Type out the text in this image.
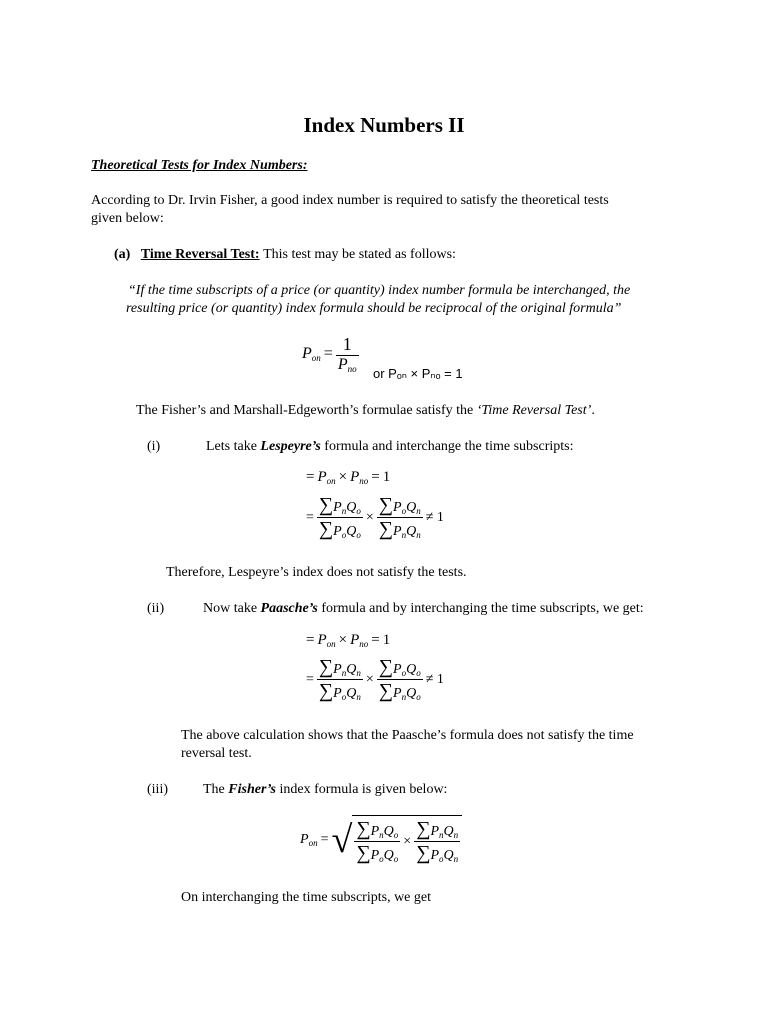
Index Numbers II
Theoretical Tests for Index Numbers:
According to Dr. Irvin Fisher, a good index number is required to satisfy the theoretical tests
given below:
(a) Time Reversal Test: This test may be stated as follows:
“If the time subscripts of a price (or quantity) index number formula be interchanged, the
resulting price (or quantity) index formula should be reciprocal of the original formula”
$P_{on} = \frac{1}{P_{no}}$ or Pₒₙ × Pₙₒ = 1
The Fisher’s and Marshall-Edgeworth’s formulae satisfy the ‘Time Reversal Test’.
(i)	Lets take Lespeyre’s formula and interchange the time subscripts:
= $P_{on} \times P_{no} = 1$
= $\frac{\sum P_nQ_o}{\sum P_oQ_o} \times \frac{\sum P_oQ_n}{\sum P_nQ_n} \ne 1$
Therefore, Lespeyre’s index does not satisfy the tests.
(ii)	Now take Paasche’s formula and by interchanging the time subscripts, we get:
= $P_{on} \times P_{no} = 1$
= $\frac{\sum P_nQ_n}{\sum P_oQ_n} \times \frac{\sum P_oQ_o}{\sum P_nQ_o} \ne 1$
The above calculation shows that the Paasche’s formula does not satisfy the time
reversal test.
(iii)	The Fisher’s index formula is given below:
$P_{on}$ = √ $\frac{\sum P_nQ_o}{\sum P_oQ_o} \times \frac{\sum P_nQ_n}{\sum P_oQ_n}$
On interchanging the time subscripts, we get
